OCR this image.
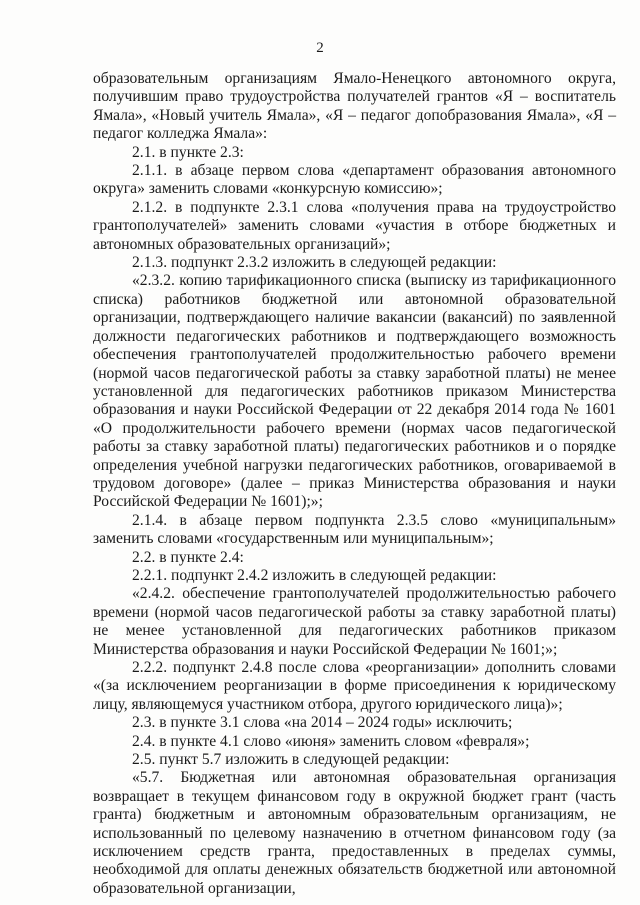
2

образовательным организациям Ямало-Ненецкого автономного округа, получившим право трудоустройства получателей грантов «Я – воспитатель Ямала», «Новый учитель Ямала», «Я – педагог допобразования Ямала», «Я – педагог колледжа Ямала»:

2.1. в пункте 2.3:

2.1.1. в абзаце первом слова «департамент образования автономного округа» заменить словами «конкурсную комиссию»;

2.1.2. в подпункте 2.3.1 слова «получения права на трудоустройство грантополучателей» заменить словами «участия в отборе бюджетных и автономных образовательных организаций»;

2.1.3. подпункт 2.3.2 изложить в следующей редакции:

«2.3.2. копию тарификационного списка (выписку из тарификационного списка) работников бюджетной или автономной образовательной организации, подтверждающего наличие вакансии (вакансий) по заявленной должности педагогических работников и подтверждающего возможность обеспечения грантополучателей продолжительностью рабочего времени (нормой часов педагогической работы за ставку заработной платы) не менее установленной для педагогических работников приказом Министерства образования и науки Российской Федерации от 22 декабря 2014 года № 1601 «О продолжительности рабочего времени (нормах часов педагогической работы за ставку заработной платы) педагогических работников и о порядке определения учебной нагрузки педагогических работников, оговариваемой в трудовом договоре» (далее – приказ Министерства образования и науки Российской Федерации № 1601);»;

2.1.4. в абзаце первом подпункта 2.3.5 слово «муниципальным» заменить словами «государственным или муниципальным»;

2.2. в пункте 2.4:

2.2.1. подпункт 2.4.2 изложить в следующей редакции:

«2.4.2. обеспечение грантополучателей продолжительностью рабочего времени (нормой часов педагогической работы за ставку заработной платы) не менее установленной для педагогических работников приказом Министерства образования и науки Российской Федерации № 1601;»;

2.2.2. подпункт 2.4.8 после слова «реорганизации» дополнить словами «(за исключением реорганизации в форме присоединения к юридическому лицу, являющемуся участником отбора, другого юридического лица)»;

2.3. в пункте 3.1 слова «на 2014 – 2024 годы» исключить;

2.4. в пункте 4.1 слово «июня» заменить словом «февраля»;

2.5. пункт 5.7 изложить в следующей редакции:

«5.7. Бюджетная или автономная образовательная организация возвращает в текущем финансовом году в окружной бюджет грант (часть гранта) бюджетным и автономным образовательным организациям, не использованный по целевому назначению в отчетном финансовом году (за исключением средств гранта, предоставленных в пределах суммы, необходимой для оплаты денежных обязательств бюджетной или автономной образовательной организации,
